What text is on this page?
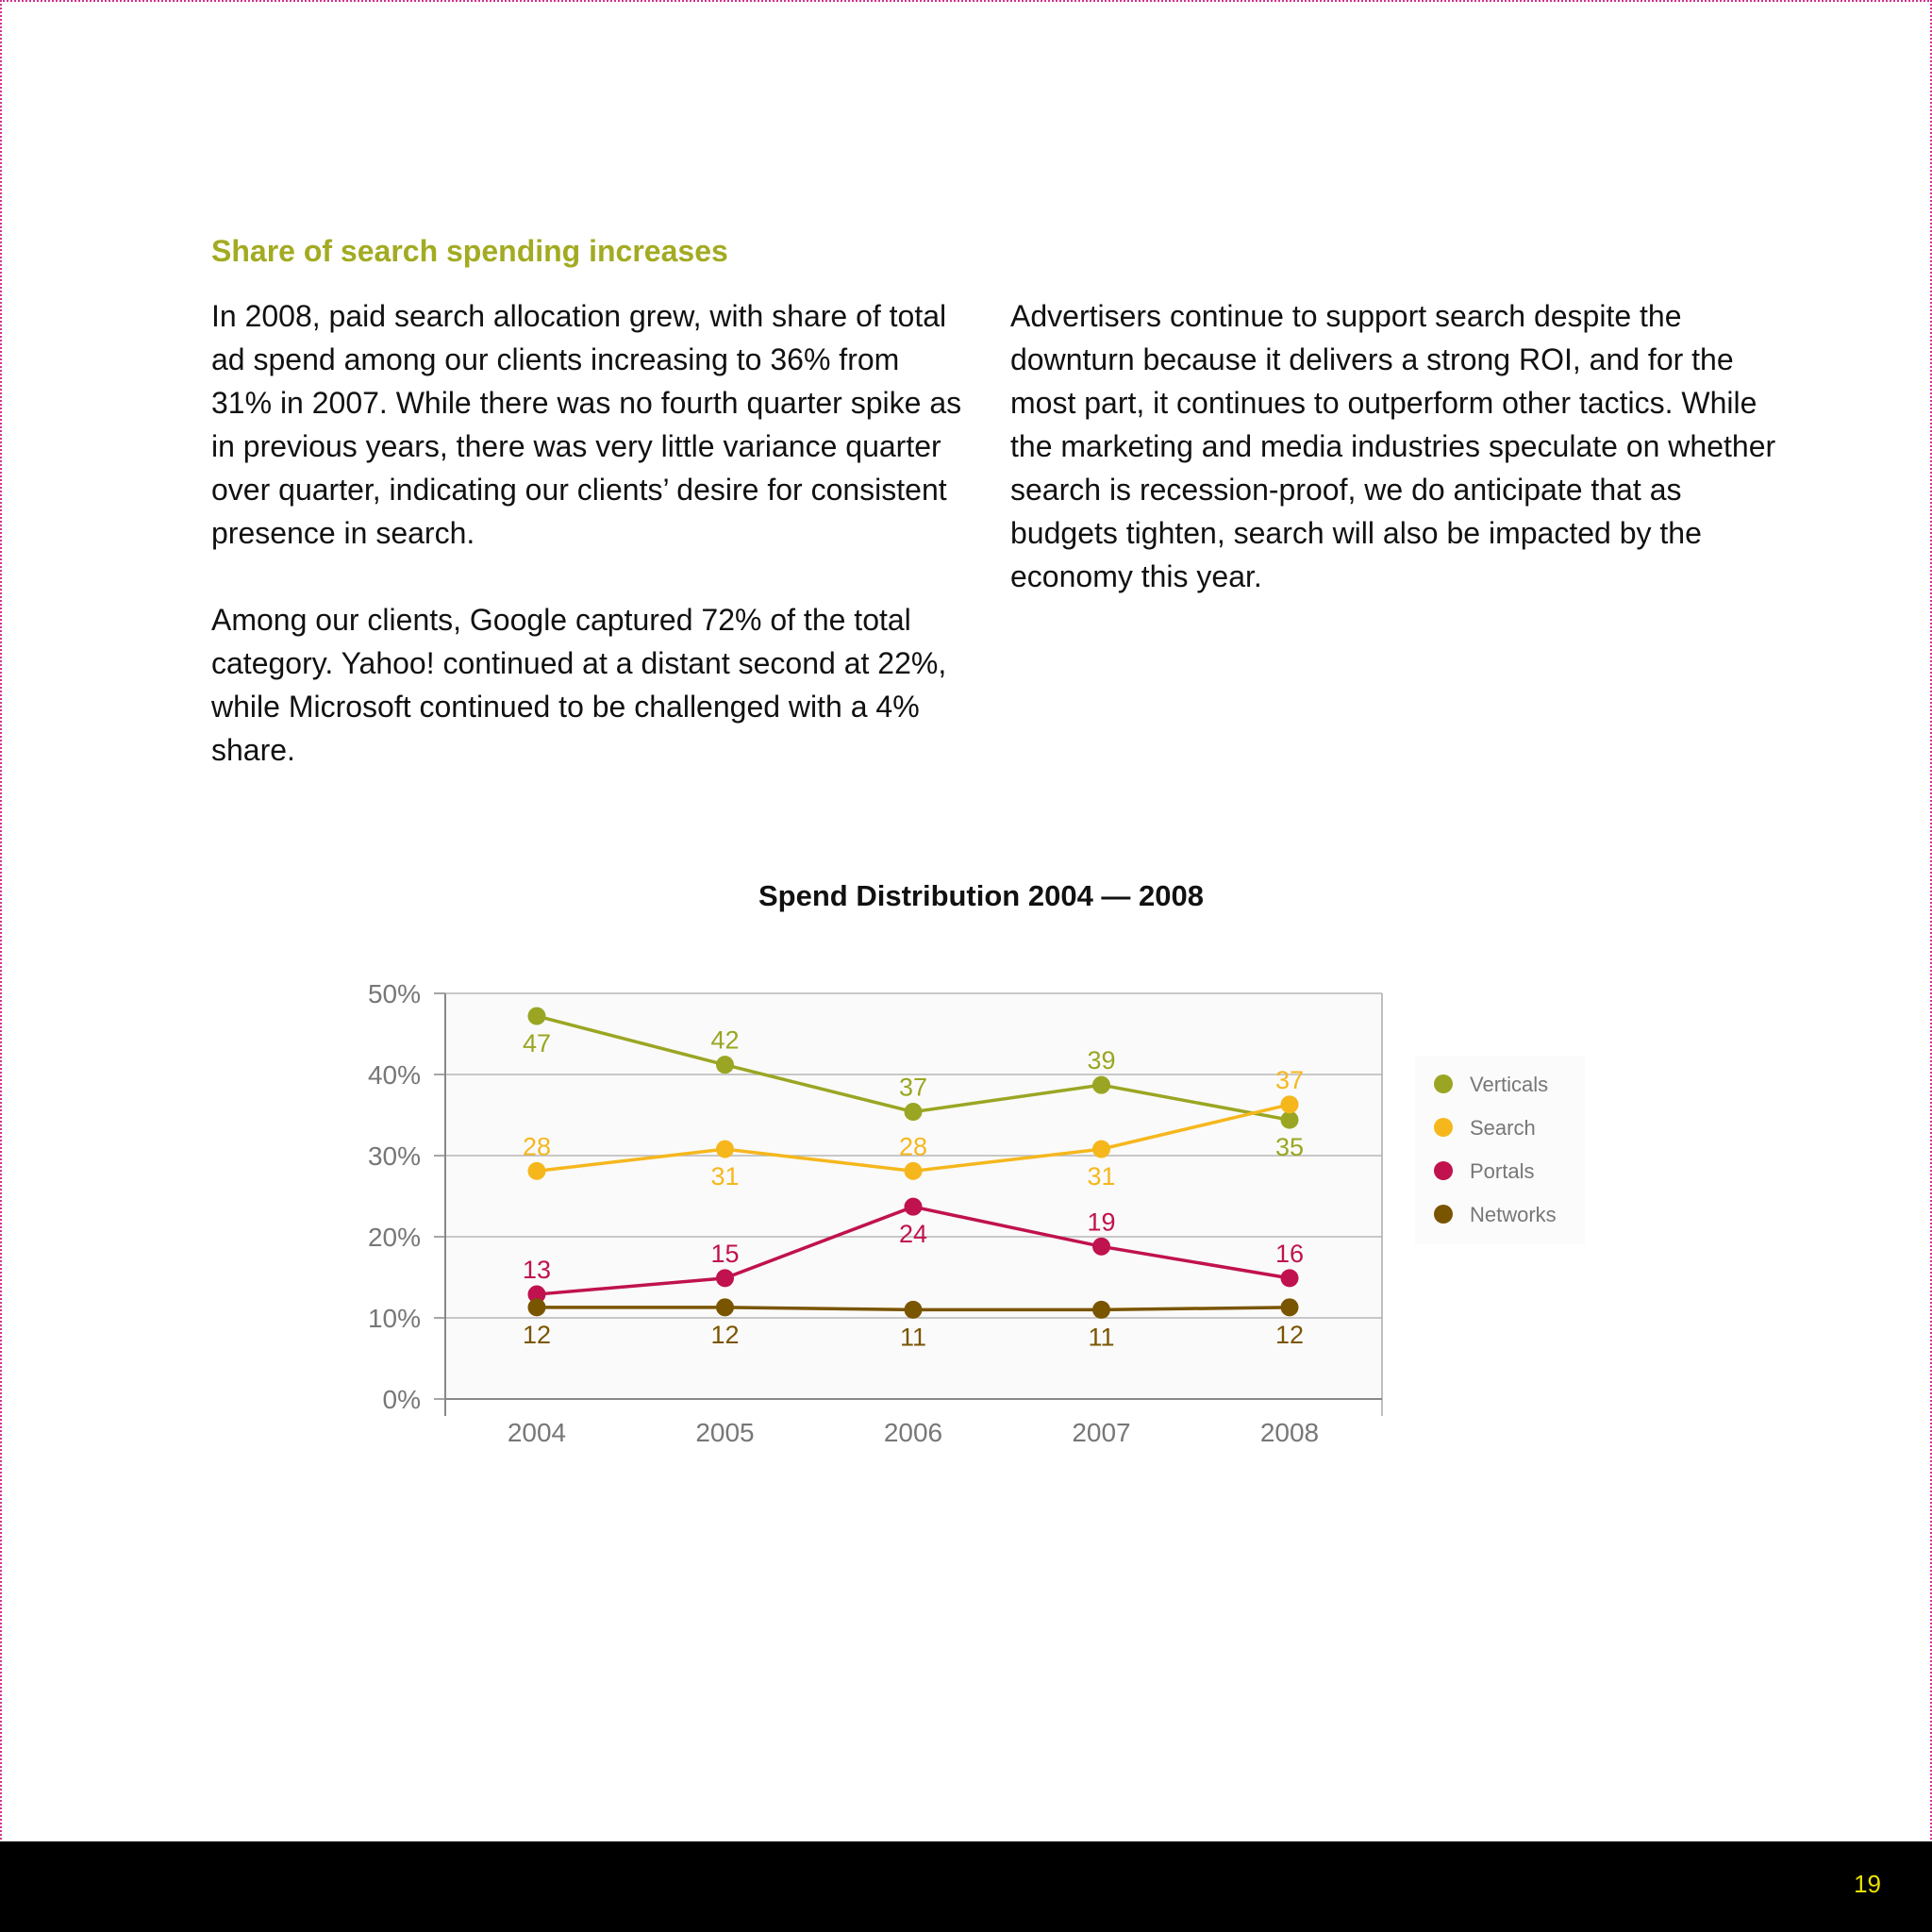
Share of search spending increases

In 2008, paid search allocation grew, with share of total ad spend among our clients increasing to 36% from 31% in 2007. While there was no fourth quarter spike as in previous years, there was very little variance quarter over quarter, indicating our clients’ desire for consistent presence in search.

Among our clients, Google captured 72% of the total category. Yahoo! continued at a distant second at 22%, while Microsoft continued to be challenged with a 4% share.

Advertisers continue to support search despite the downturn because it delivers a strong ROI, and for the most part, it continues to outperform other tactics. While the marketing and media industries speculate on whether search is recession-proof, we do anticipate that as budgets tighten, search will also be impacted by the economy this year.

Spend Distribution 2004 — 2008
0%
10%
20%
30%
40%
50%
2004	2005	2006	2007	2008
47	42
37
39
35
28
31
28
31
37
13
15
24	19
16
12	12	11	11	12
Verticals
Search
Portals
Networks
19
